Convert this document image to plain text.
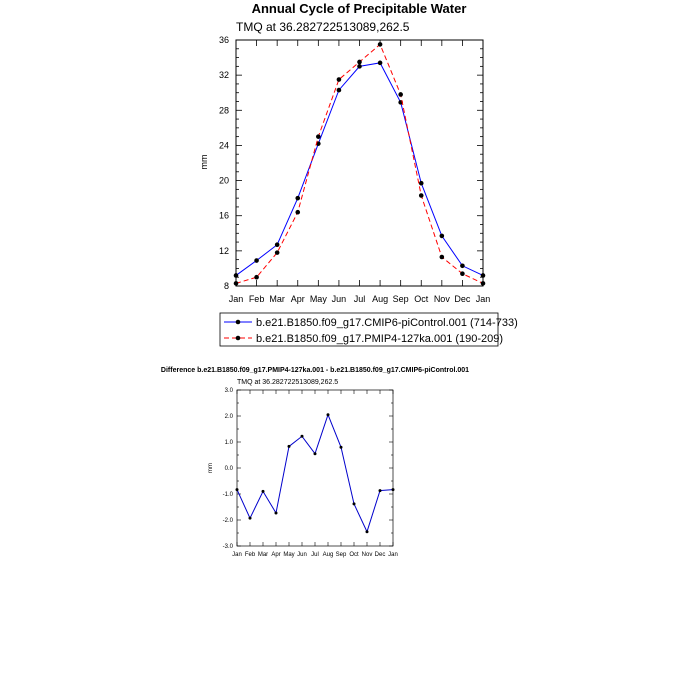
Annual Cycle of Precipitable Water
TMQ at 36.282722513089,262.5
mm
b.e21.B1850.f09_g17.CMIP6-piControl.001 (714-733)
b.e21.B1850.f09_g17.PMIP4-127ka.001 (190-209)
Jan Feb Mar Apr May Jun Jul Aug Sep Oct Nov Dec Jan
8
12
16
20
24
28
32
36
Difference b.e21.B1850.f09_g17.PMIP4-127ka.001 - b.e21.B1850.f09_g17.CMIP6-piControl.001
TMQ at 36.282722513089,262.5
mm
Jan Feb Mar Apr May Jun Jul Aug Sep Oct Nov Dec Jan
-3.0
-2.0
-1.0
0.0
1.0
2.0
3.0
